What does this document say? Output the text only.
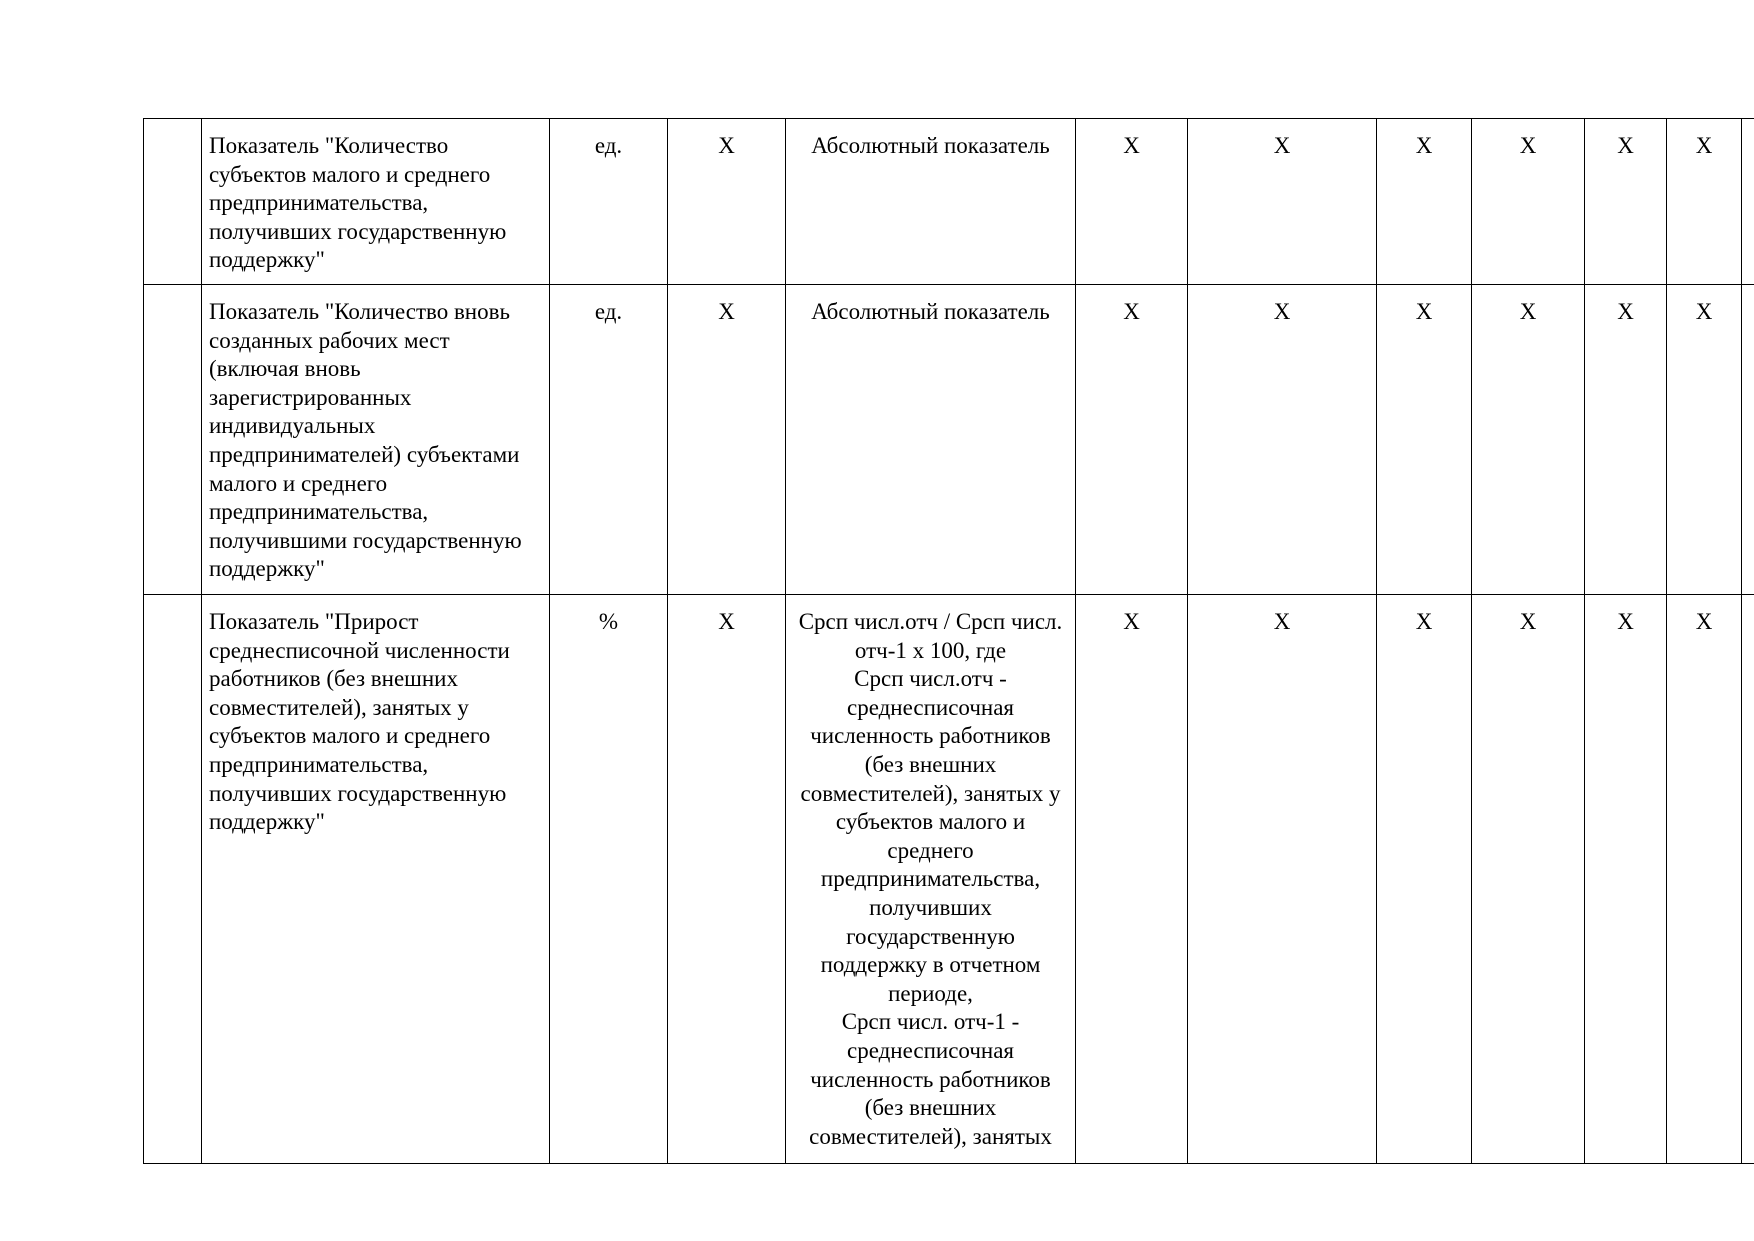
	Показатель "Количество субъектов малого и среднего предпринимательства, получивших государственную поддержку"	ед.	X	Абсолютный показатель	X	X	X	X	X	X	
	Показатель "Количество вновь созданных рабочих мест (включая вновь зарегистрированных индивидуальных предпринимателей) субъектами малого и среднего предпринимательства, получившими государственную поддержку"	ед.	X	Абсолютный показатель	X	X	X	X	X	X	
	Показатель "Прирост среднесписочной численности работников (без внешних совместителей), занятых у субъектов малого и среднего предпринимательства, получивших государственную поддержку"	%	X	Срсп числ.отч / Срсп числ. отч-1 x 100, где
Срсп числ.отч - среднесписочная численность работников (без внешних совместителей), занятых у субъектов малого и среднего предпринимательства, получивших государственную поддержку в отчетном периоде,
Срсп числ. отч-1 - среднесписочная численность работников (без внешних совместителей), занятых	X	X	X	X	X	X	
